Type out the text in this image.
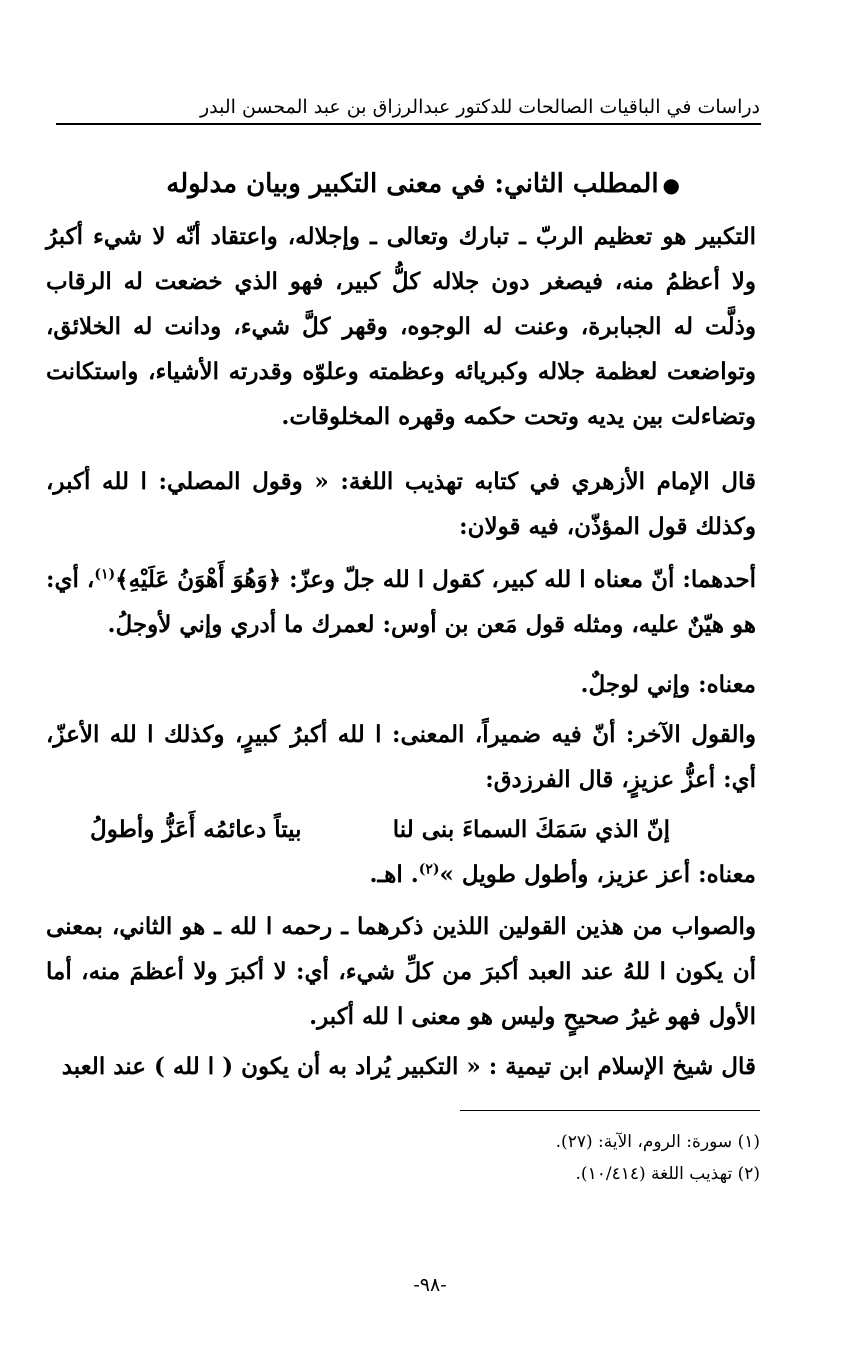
دراسات في الباقيات الصالحات للدكتور عبدالرزاق بن عبد المحسن البدر
●المطلب الثاني: في معنى التكبير وبيان مدلوله

التكبير هو تعظيم الربّ ـ تبارك وتعالى ـ وإجلاله، واعتقاد أنّه لا شيء أكبرُ ولا أعظمُ منه، فيصغر دون جلاله كلُّ كبير، فهو الذي خضعت له الرقاب وذلَّت له الجبابرة، وعنت له الوجوه، وقهر كلَّ شيء، ودانت له الخلائق، وتواضعت لعظمة جلاله وكبريائه وعظمته وعلوّه وقدرته الأشياء، واستكانت وتضاءلت بين يديه وتحت حكمه وقهره المخلوقات.

قال الإمام الأزهري في كتابه تهذيب اللغة: « وقول المصلي: ا لله أكبر، وكذلك قول المؤذّن، فيه قولان:

أحدهما: أنّ معناه ا لله كبير، كقول ا لله جلّ وعزّ: ﴿وَهُوَ أَهْوَنُ عَلَيْهِ﴾$^{(١)}$، أي: هو هيّنٌ عليه، ومثله قول مَعن بن أوس: لعمرك ما أدري وإني لأوجلُ.

معناه: وإني لوجلٌ.

والقول الآخر: أنّ فيه ضميراً، المعنى: ا لله أكبرُ كبيرٍ، وكذلك ا لله الأعزّ، أي: أعزُّ عزيزٍ، قال الفرزدق:

إنّ الذي سَمَكَ السماءَ بنى لنا
بيتاً دعائمُه أَعَزُّ وأطولُ

معناه: أعز عزيز، وأطول طويل »$^{(٢)}$. اهـ.

والصواب من هذين القولين اللذين ذكرهما ـ رحمه ا لله ـ هو الثاني، بمعنى أن يكون ا للهُ عند العبد أكبرَ من كلِّ شيء، أي: لا أكبرَ ولا أعظمَ منه، أما الأول فهو غيرُ صحيحٍ وليس هو معنى ا لله أكبر.

قال شيخ الإسلام ابن تيمية : « التكبير يُراد به أن يكون ( ا لله ) عند العبد

(١) سورة: الروم، الآية: (٢٧).
(٢) تهذيب اللغة (١٠/٤١٤).
-٩٨-
